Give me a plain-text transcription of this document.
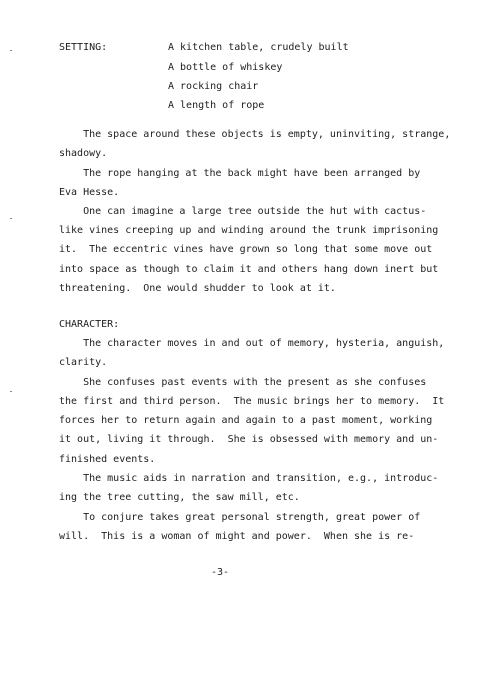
SETTING:	A kitchen table, crudely built
A bottle of whiskey
A rocking chair
A length of rope
The space around these objects is empty, uninviting, strange,
shadowy.
The rope hanging at the back might have been arranged by
Eva Hesse.
One can imagine a large tree outside the hut with cactus-
like vines creeping up and winding around the trunk imprisoning
it.  The eccentric vines have grown so long that some move out
into space as though to claim it and others hang down inert but
threatening.  One would shudder to look at it.
CHARACTER:
The character moves in and out of memory, hysteria, anguish,
clarity.
She confuses past events with the present as she confuses
the first and third person.  The music brings her to memory.  It
forces her to return again and again to a past moment, working
it out, living it through.  She is obsessed with memory and un-
finished events.
The music aids in narration and transition, e.g., introduc-
ing the tree cutting, the saw mill, etc.
To conjure takes great personal strength, great power of
will.  This is a woman of might and power.  When she is re-
-3-
